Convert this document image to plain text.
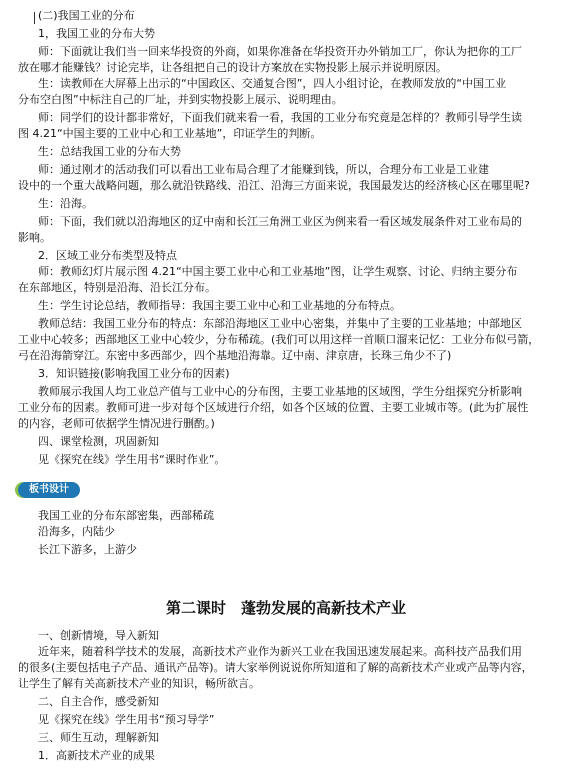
(二)我国工业的分布
1，我国工业的分布大势
师：下面就让我们当一回来华投资的外商，如果你准备在华投资开办外销加工厂，你认为把你的工厂
放在哪才能赚钱？讨论完毕，让各组把自己的设计方案放在实物投影上展示并说明原因。
生：读教师在大屏幕上出示的“中国政区、交通复合图”，四人小组讨论，在教师发放的“中国工业
分布空白图”中标注自己的厂址，并到实物投影上展示、说明理由。
师：同学们的设计都非常好，下面我们就来看一看，我国的工业分布究竟是怎样的？教师引导学生读
图 4.21“中国主要的工业中心和工业基地”，印证学生的判断。
生：总结我国工业的分布大势
师：通过刚才的活动我们可以看出工业布局合理了才能赚到钱，所以，合理分布工业是工业建
设中的一个重大战略问题，那么就沿铁路线、沿江、沿海三方面来说，我国最发达的经济核心区在哪里呢?
生：沿海。
师：下面，我们就以沿海地区的辽中南和长江三角洲工业区为例来看一看区域发展条件对工业布局的
影响。
2．区域工业分布类型及特点
师：教师幻灯片展示图 4.21“中国主要工业中心和工业基地”图，让学生观察、讨论、归纳主要分布
在东部地区，特别是沿海、沿长江分布。
生：学生讨论总结，教师指导：我国主要工业中心和工业基地的分布特点。
教师总结：我国工业分布的特点：东部沿海地区工业中心密集，并集中了主要的工业基地；中部地区
工业中心较多；西部地区工业中心较少，分布稀疏。(我们可以用这样一首顺口溜来记忆：工业分布似弓箭，
弓在沿海箭穿江。东密中多西部少，四个基地沿海靠。辽中南、津京唐，长珠三角少不了)
3．知识链接(影响我国工业分布的因素)
教师展示我国人均工业总产值与工业中心的分布图，主要工业基地的区域图，学生分组探究分析影响
工业分布的因素。教师可进一步对每个区域进行介绍，如各个区域的位置、主要工业城市等。(此为扩展性
的内容，老师可依据学生情况进行删酌。)
四、课堂检测，巩固新知
见《探究在线》学生用书“课时作业”。
板书设计
我国工业的分布东部密集，西部稀疏
沿海多，内陆少
长江下游多，上游少
第二课时　蓬勃发展的高新技术产业
一、创新情境，导入新知
近年来，随着科学技术的发展，高新技术产业作为新兴工业在我国迅速发展起来。高科技产品我们用
的很多(主要包括电子产品、通讯产品等)。请大家举例说说你所知道和了解的高新技术产业或产品等内容，
让学生了解有关高新技术产业的知识，畅所欲言。
二、自主合作，感受新知
见《探究在线》学生用书“预习导学”
三、师生互动，理解新知
1．高新技术产业的成果
